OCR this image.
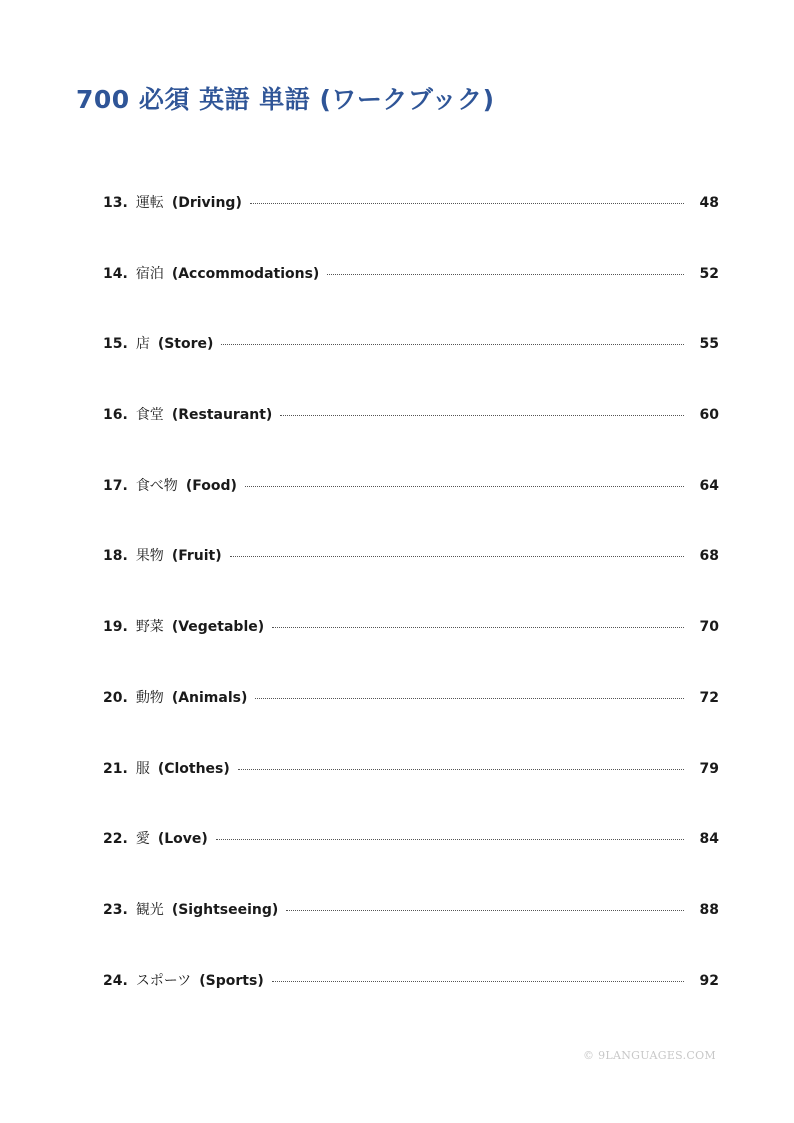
700 必須 英語 単語 (ワークブック)
13. 運転 (Driving)	48
14. 宿泊 (Accommodations)	52
15. 店 (Store)	55
16. 食堂 (Restaurant)	60
17. 食べ物 (Food)	64
18. 果物 (Fruit)	68
19. 野菜 (Vegetable)	70
20. 動物 (Animals)	72
21. 服 (Clothes)	79
22. 愛 (Love)	84
23. 観光 (Sightseeing)	88
24. スポーツ (Sports)	92
© 9LANGUAGES.COM
